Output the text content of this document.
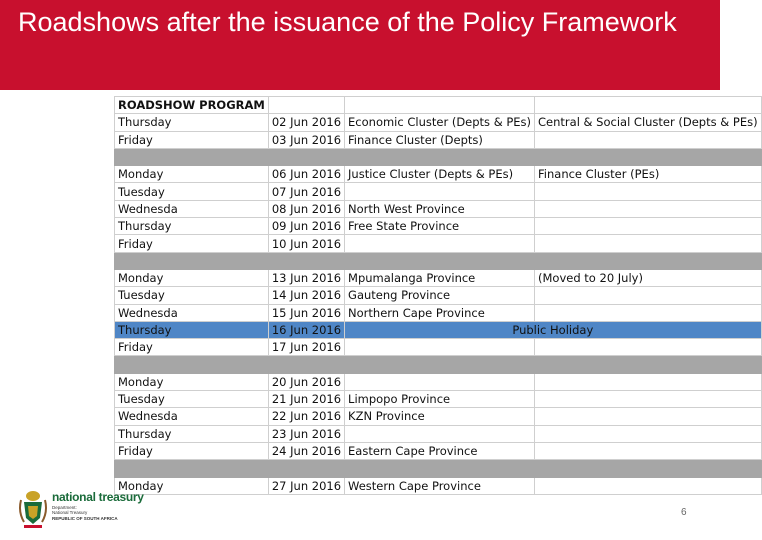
Roadshows after the issuance of the Policy Framework
ROADSHOW PROGRAM			
Thursday	02 Jun 2016	Economic Cluster (Depts & PEs)	Central & Social Cluster (Depts & PEs)
Friday	03 Jun 2016	Finance Cluster (Depts)	

Monday	06 Jun 2016	Justice Cluster (Depts & PEs)	Finance Cluster (PEs)
Tuesday	07 Jun 2016		
Wednesda	08 Jun 2016	North West Province	
Thursday	09 Jun 2016	Free State Province	
Friday	10 Jun 2016		

Monday	13 Jun 2016	Mpumalanga Province	(Moved to 20 July)
Tuesday	14 Jun 2016	Gauteng Province	
Wednesda	15 Jun 2016	Northern Cape Province	
Thursday	16 Jun 2016	Public Holiday	
Friday	17 Jun 2016		

Monday	20 Jun 2016		
Tuesday	21 Jun 2016	Limpopo Province	
Wednesda	22 Jun 2016	KZN Province	
Thursday	23 Jun 2016		
Friday	24 Jun 2016	Eastern Cape Province	

Monday	27 Jun 2016	Western Cape Province	
national treasury
Department:
National Treasury
REPUBLIC OF SOUTH AFRICA
6
